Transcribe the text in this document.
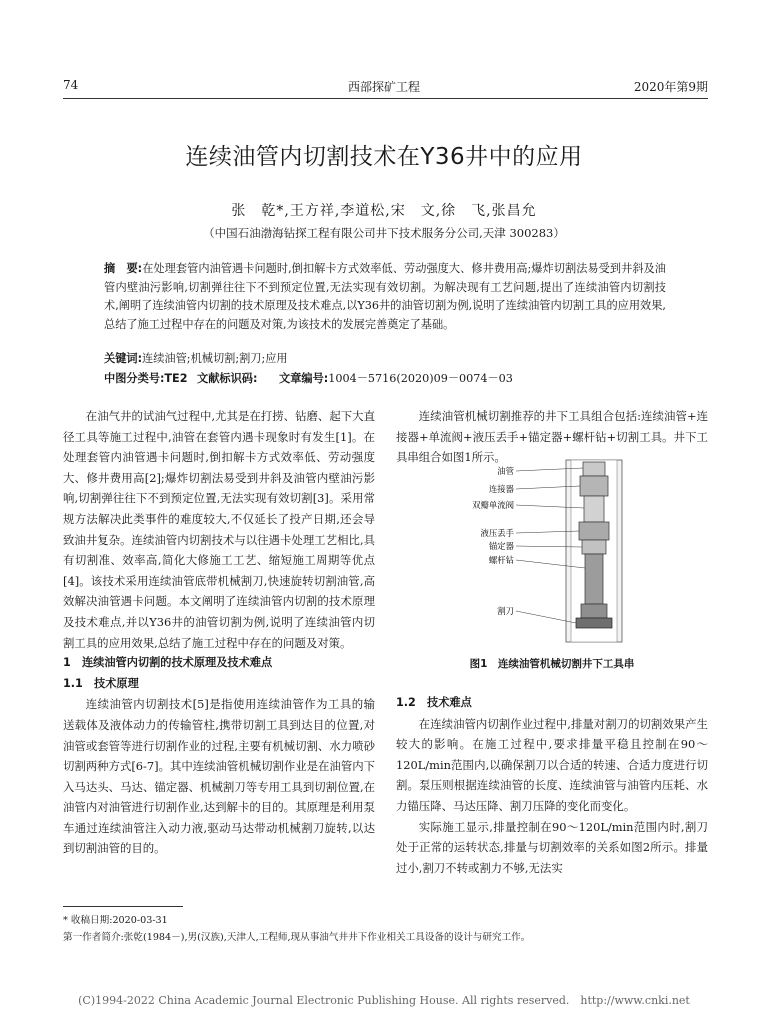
74	西部探矿工程	2020年第9期
连续油管内切割技术在Y36井中的应用
张　乾*,王方祥,李道松,宋　文,徐　飞,张昌允
（中国石油渤海钻探工程有限公司井下技术服务分公司,天津 300283）
摘　要:在处理套管内油管遇卡问题时,倒扣解卡方式效率低、劳动强度大、修井费用高;爆炸切割法易受到井斜及油管内壁油污影响,切割弹往往下不到预定位置,无法实现有效切割。为解决现有工艺问题,提出了连续油管内切割技术,阐明了连续油管内切割的技术原理及技术难点,以Y36井的油管切割为例,说明了连续油管内切割工具的应用效果,总结了施工过程中存在的问题及对策,为该技术的发展完善奠定了基础。
关键词:连续油管;机械切割;割刀;应用
中图分类号:TE2 文献标识码: 文章编号:1004－5716(2020)09－0074－03

在油气井的试油气过程中,尤其是在打捞、钻磨、起下大直径工具等施工过程中,油管在套管内遇卡现象时有发生[1]。在处理套管内油管遇卡问题时,倒扣解卡方式效率低、劳动强度大、修井费用高[2];爆炸切割法易受到井斜及油管内壁油污影响,切割弹往往下不到预定位置,无法实现有效切割[3]。采用常规方法解决此类事件的难度较大,不仅延长了投产日期,还会导致油井复杂。连续油管内切割技术与以往遇卡处理工艺相比,具有切割准、效率高,简化大修施工工艺、缩短施工周期等优点[4]。该技术采用连续油管底带机械割刀,快速旋转切割油管,高效解决油管遇卡问题。本文阐明了连续油管内切割的技术原理及技术难点,并以Y36井的油管切割为例,说明了连续油管内切割工具的应用效果,总结了施工过程中存在的问题及对策。

1　连续油管内切割的技术原理及技术难点

1.1　技术原理

连续油管内切割技术[5]是指使用连续油管作为工具的输送载体及液体动力的传输管柱,携带切割工具到达目的位置,对油管或套管等进行切割作业的过程,主要有机械切割、水力喷砂切割两种方式[6-7]。其中连续油管机械切割作业是在油管内下入马达头、马达、锚定器、机械割刀等专用工具到切割位置,在油管内对油管进行切割作业,达到解卡的目的。其原理是利用泵车通过连续油管注入动力液,驱动马达带动机械割刀旋转,以达到切割油管的目的。

连续油管机械切割推荐的井下工具组合包括:连续油管+连接器+单流阀+液压丢手+锚定器+螺杆钻+切割工具。井下工具串组合如图1所示。

油管
连接器
双瓣单流阀
液压丢手
锚定器
螺杆钻
割刀
图1　连续油管机械切割井下工具串

1.2　技术难点

在连续油管内切割作业过程中,排量对割刀的切割效果产生较大的影响。在施工过程中,要求排量平稳且控制在90～120L/min范围内,以确保割刀以合适的转速、合适力度进行切割。泵压则根据连续油管的长度、连续油管与油管内压耗、水力锚压降、马达压降、割刀压降的变化而变化。

实际施工显示,排量控制在90～120L/min范围内时,割刀处于正常的运转状态,排量与切割效率的关系如图2所示。排量过小,割刀不转或割力不够,无法实

* 收稿日期:2020-03-31
第一作者简介:张乾(1984－),男(汉族),天津人,工程师,现从事油气井井下作业相关工具设备的设计与研究工作。
(C)1994-2022 China Academic Journal Electronic Publishing House. All rights reserved.　http://www.cnki.net
